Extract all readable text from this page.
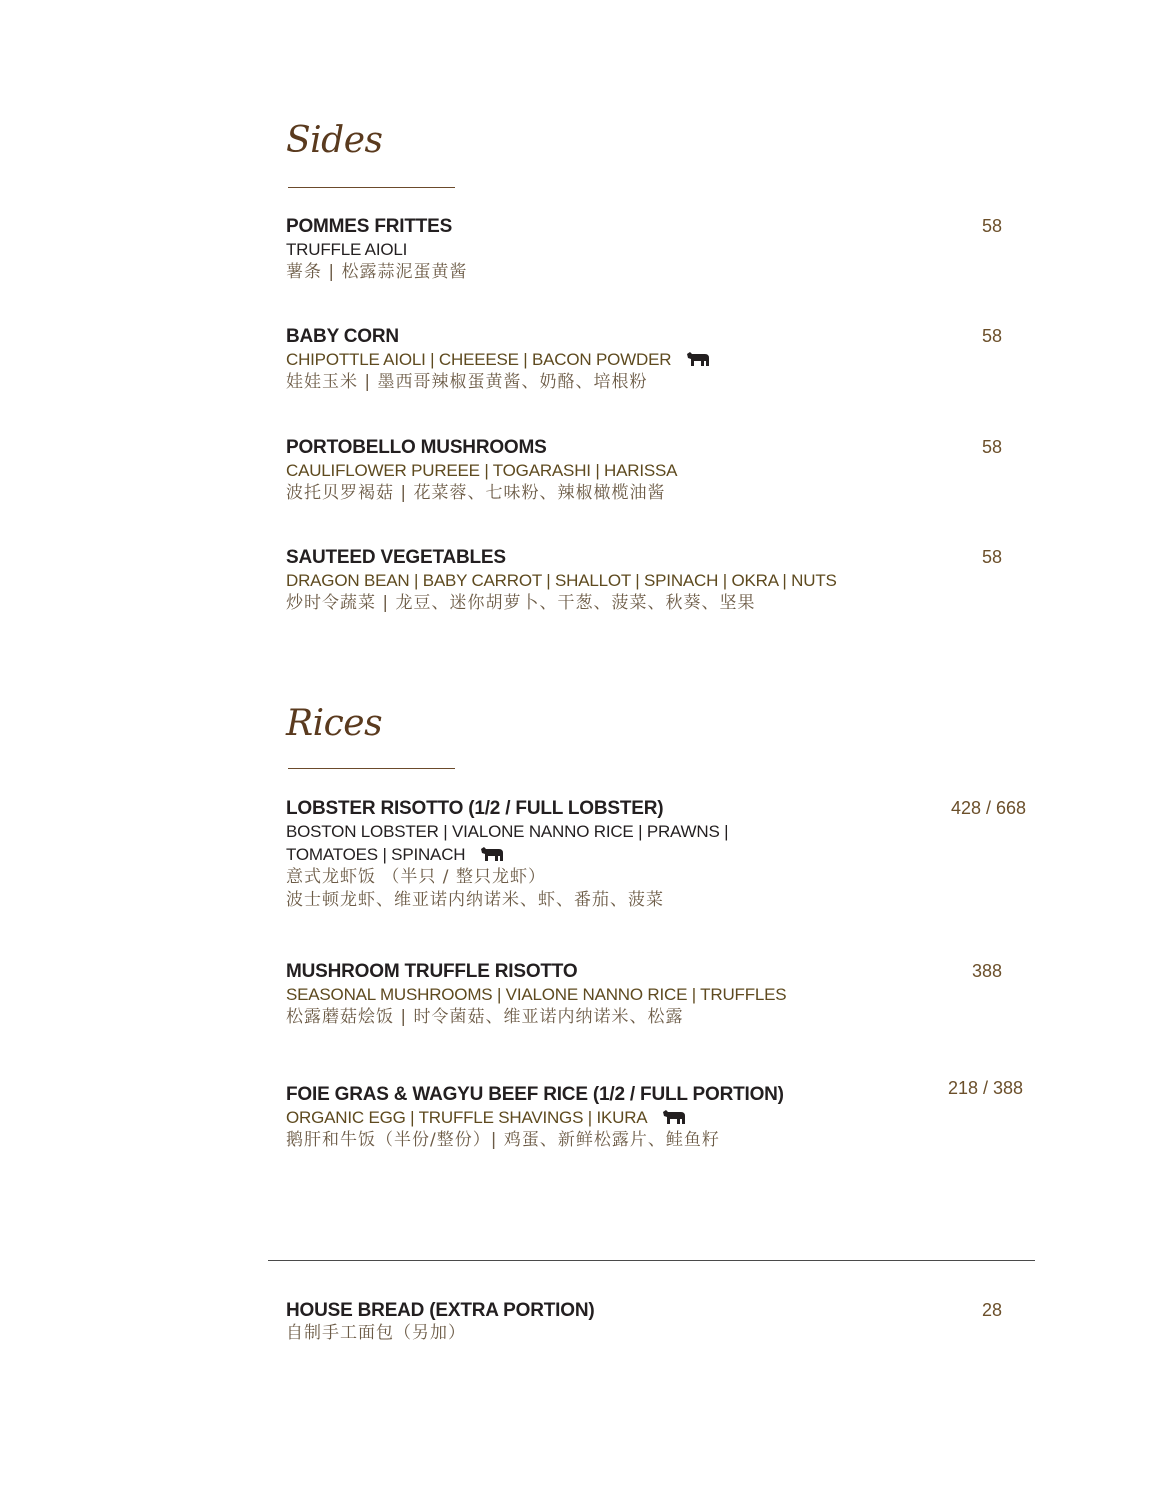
Sides
POMMES FRITTES
TRUFFLE AIOLI
薯条 | 松露蒜泥蛋黄酱
58
BABY CORN
CHIPOTTLE AIOLI | CHEEESE | BACON POWDER
娃娃玉米 | 墨西哥辣椒蛋黄酱、奶酪、培根粉
58
PORTOBELLO MUSHROOMS
CAULIFLOWER PUREEE | TOGARASHI | HARISSA
波托贝罗褐菇 | 花菜蓉、七味粉、辣椒橄榄油酱
58
SAUTEED VEGETABLES
DRAGON BEAN | BABY CARROT | SHALLOT | SPINACH | OKRA | NUTS
炒时令蔬菜 | 龙豆、迷你胡萝卜、干葱、菠菜、秋葵、坚果
58
Rices
LOBSTER RISOTTO (1/2 / FULL LOBSTER)
BOSTON LOBSTER | VIALONE NANNO RICE | PRAWNS |
TOMATOES | SPINACH
意式龙虾饭 （半只 / 整只龙虾）
波士顿龙虾、维亚诺内纳诺米、虾、番茄、菠菜
428 / 668
MUSHROOM TRUFFLE RISOTTO
SEASONAL MUSHROOMS | VIALONE NANNO RICE | TRUFFLES
松露蘑菇烩饭 | 时令菌菇、维亚诺内纳诺米、松露
388
FOIE GRAS & WAGYU BEEF RICE (1/2 / FULL PORTION)
ORGANIC EGG | TRUFFLE SHAVINGS | IKURA
鹅肝和牛饭（半份/整份）| 鸡蛋、新鲜松露片、鲑鱼籽
218 / 388
HOUSE BREAD (EXTRA PORTION)
自制手工面包（另加）
28
